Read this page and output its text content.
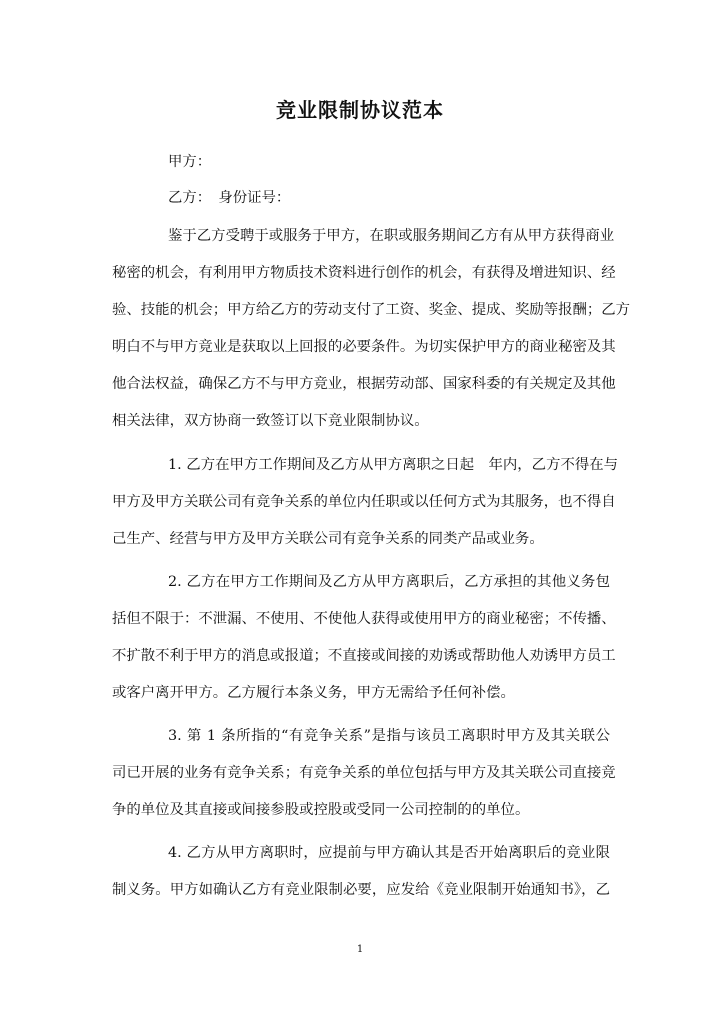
竞业限制协议范本
甲方：
乙方：　身份证号：
鉴于乙方受聘于或服务于甲方，在职或服务期间乙方有从甲方获得商业
秘密的机会，有利用甲方物质技术资料进行创作的机会，有获得及增进知识、经
验、技能的机会；甲方给乙方的劳动支付了工资、奖金、提成、奖励等报酬；乙方
明白不与甲方竞业是获取以上回报的必要条件。为切实保护甲方的商业秘密及其
他合法权益，确保乙方不与甲方竞业，根据劳动部、国家科委的有关规定及其他
相关法律，双方协商一致签订以下竞业限制协议。
1. 乙方在甲方工作期间及乙方从甲方离职之日起　年内，乙方不得在与
甲方及甲方关联公司有竞争关系的单位内任职或以任何方式为其服务，也不得自
己生产、经营与甲方及甲方关联公司有竞争关系的同类产品或业务。
2. 乙方在甲方工作期间及乙方从甲方离职后，乙方承担的其他义务包
括但不限于：不泄漏、不使用、不使他人获得或使用甲方的商业秘密；不传播、
不扩散不利于甲方的消息或报道；不直接或间接的劝诱或帮助他人劝诱甲方员工
或客户离开甲方。乙方履行本条义务，甲方无需给予任何补偿。
3. 第 1 条所指的“有竞争关系”是指与该员工离职时甲方及其关联公
司已开展的业务有竞争关系；有竞争关系的单位包括与甲方及其关联公司直接竞
争的单位及其直接或间接参股或控股或受同一公司控制的的单位。
4. 乙方从甲方离职时，应提前与甲方确认其是否开始离职后的竞业限
制义务。甲方如确认乙方有竞业限制必要，应发给《竞业限制开始通知书》，乙
1
